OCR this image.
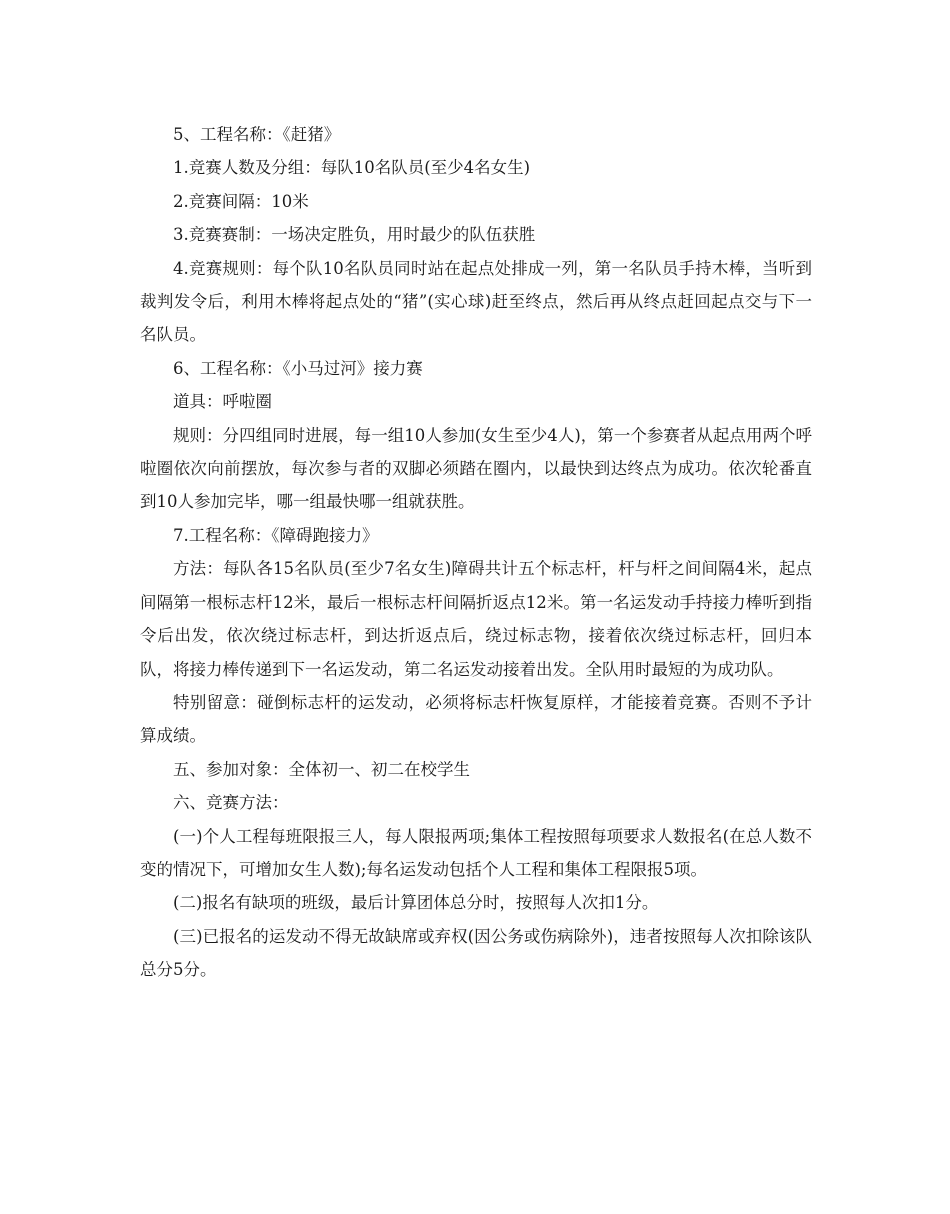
5、工程名称：《赶猪》

1.竞赛人数及分组：每队10名队员(至少4名女生)

2.竞赛间隔：10米

3.竞赛赛制：一场决定胜负，用时最少的队伍获胜

4.竞赛规则：每个队10名队员同时站在起点处排成一列，第一名队员手持木棒，当听到裁判发令后，利用木棒将起点处的“猪”(实心球)赶至终点，然后再从终点赶回起点交与下一名队员。

6、工程名称：《小马过河》接力赛

道具：呼啦圈

规则：分四组同时进展，每一组10人参加(女生至少4人)，第一个参赛者从起点用两个呼啦圈依次向前摆放，每次参与者的双脚必须踏在圈内，以最快到达终点为成功。依次轮番直到10人参加完毕，哪一组最快哪一组就获胜。

7.工程名称：《障碍跑接力》

方法：每队各15名队员(至少7名女生)障碍共计五个标志杆，杆与杆之间间隔4米，起点间隔第一根标志杆12米，最后一根标志杆间隔折返点12米。第一名运发动手持接力棒听到指令后出发，依次绕过标志杆，到达折返点后，绕过标志物，接着依次绕过标志杆，回归本队，将接力棒传递到下一名运发动，第二名运发动接着出发。全队用时最短的为成功队。

特别留意：碰倒标志杆的运发动，必须将标志杆恢复原样，才能接着竞赛。否则不予计算成绩。

五、参加对象：全体初一、初二在校学生

六、竞赛方法：

(一)个人工程每班限报三人，每人限报两项;集体工程按照每项要求人数报名(在总人数不变的情况下，可增加女生人数);每名运发动包括个人工程和集体工程限报5项。

(二)报名有缺项的班级，最后计算团体总分时，按照每人次扣1分。

(三)已报名的运发动不得无故缺席或弃权(因公务或伤病除外)，违者按照每人次扣除该队总分5分。
